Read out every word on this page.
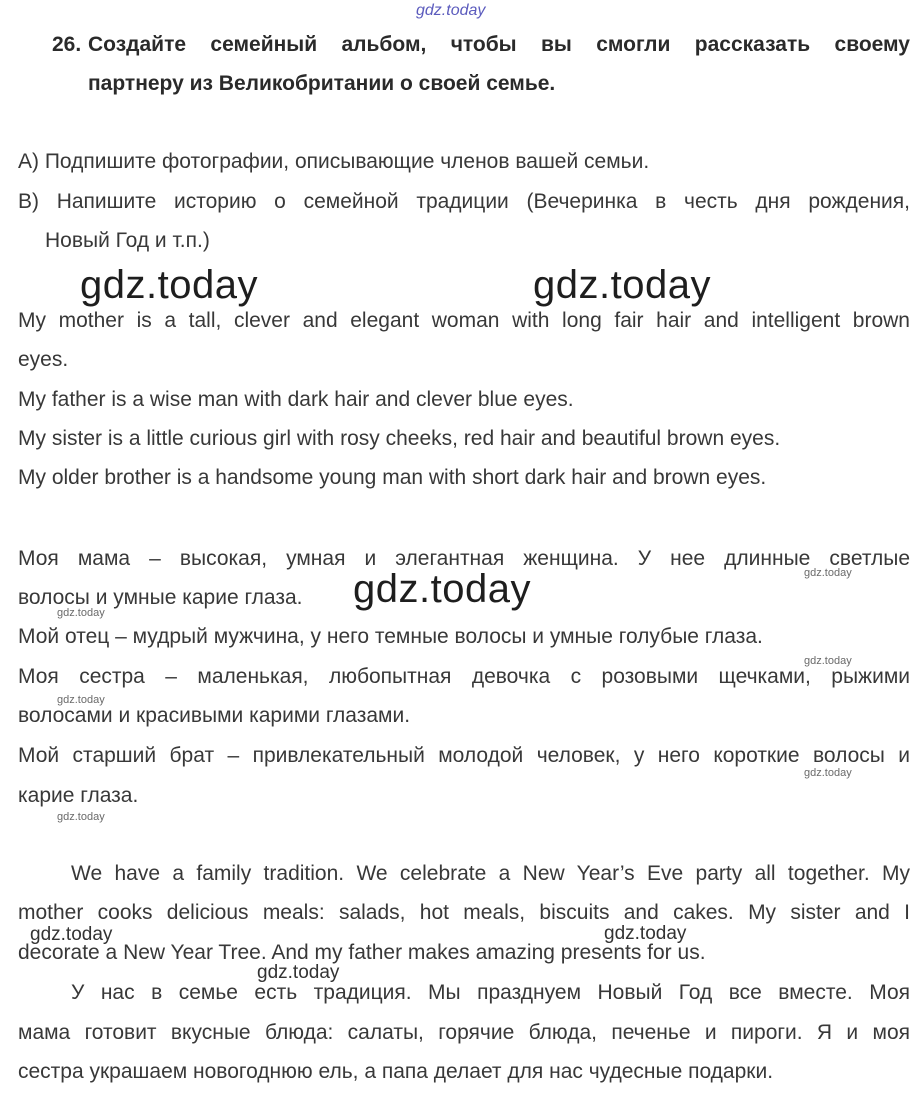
gdz.today
26. Создайте семейный альбом, чтобы вы смогли рассказать своему
партнеру из Великобритании о своей семье.
A) Подпишите фотографии, описывающие членов вашей семьи.
B) Напишите историю о семейной традиции (Вечеринка в честь дня рождения,
Новый Год и т.п.)
gdz.today	gdz.today
My mother is a tall, clever and elegant woman with long fair hair and intelligent brown
eyes.
My father is a wise man with dark hair and clever blue eyes.
My sister is a little curious girl with rosy cheeks, red hair and beautiful brown eyes.
My older brother is a handsome young man with short dark hair and brown eyes.
Моя мама – высокая, умная и элегантная женщина. У нее длинные светлые
gdz.today
волосы и умные карие глаза. gdz.today
gdz.today
Мой отец – мудрый мужчина, у него темные волосы и умные голубые глаза.
gdz.today
Моя сестра – маленькая, любопытная девочка с розовыми щечками, рыжими
gdz.today
волосами и красивыми карими глазами.
Мой старший брат – привлекательный молодой человек, у него короткие волосы и
gdz.today
карие глаза.
gdz.today
We have a family tradition. We celebrate a New Year’s Eve party all together. My
mother cooks delicious meals: salads, hot meals, biscuits and cakes. My sister and I
gdz.today	gdz.today
decorate a New Year Tree. And my father makes amazing presents for us.
gdz.today
У нас в семье есть традиция. Мы празднуем Новый Год все вместе. Моя
мама готовит вкусные блюда: салаты, горячие блюда, печенье и пироги. Я и моя
сестра украшаем новогоднюю ель, а папа делает для нас чудесные подарки.
